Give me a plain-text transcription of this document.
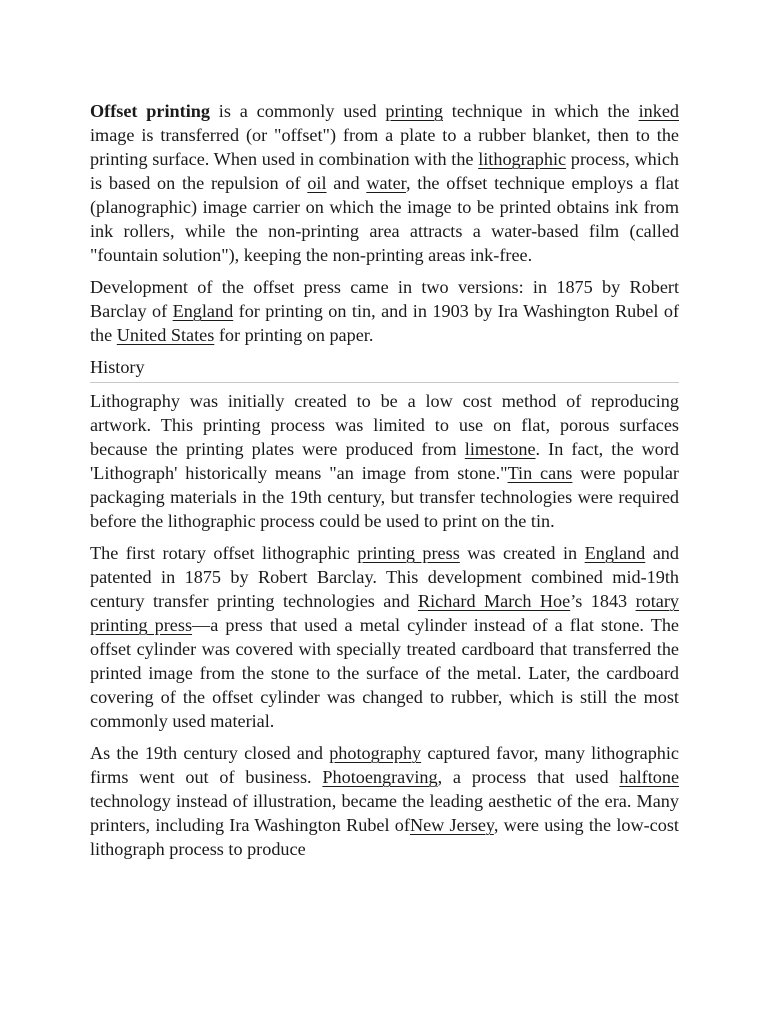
Offset printing is a commonly used printing technique in which the inked image is transferred (or "offset") from a plate to a rubber blanket, then to the printing surface. When used in combination with the lithographic process, which is based on the repulsion of oil and water, the offset technique employs a flat (planographic) image carrier on which the image to be printed obtains ink from ink rollers, while the non-printing area attracts a water-based film (called "fountain solution"), keeping the non-printing areas ink-free.

Development of the offset press came in two versions: in 1875 by Robert Barclay of England for printing on tin, and in 1903 by Ira Washington Rubel of the United States for printing on paper.

History

Lithography was initially created to be a low cost method of reproducing artwork. This printing process was limited to use on flat, porous surfaces because the printing plates were produced from limestone. In fact, the word 'Lithograph' historically means "an image from stone."Tin cans were popular packaging materials in the 19th century, but transfer technologies were required before the lithographic process could be used to print on the tin.

The first rotary offset lithographic printing press was created in England and patented in 1875 by Robert Barclay. This development combined mid-19th century transfer printing technologies and Richard March Hoe’s 1843 rotary printing press—a press that used a metal cylinder instead of a flat stone. The offset cylinder was covered with specially treated cardboard that transferred the printed image from the stone to the surface of the metal. Later, the cardboard covering of the offset cylinder was changed to rubber, which is still the most commonly used material.

As the 19th century closed and photography captured favor, many lithographic firms went out of business. Photoengraving, a process that used halftone technology instead of illustration, became the leading aesthetic of the era. Many printers, including Ira Washington Rubel ofNew Jersey, were using the low-cost lithograph process to produce
